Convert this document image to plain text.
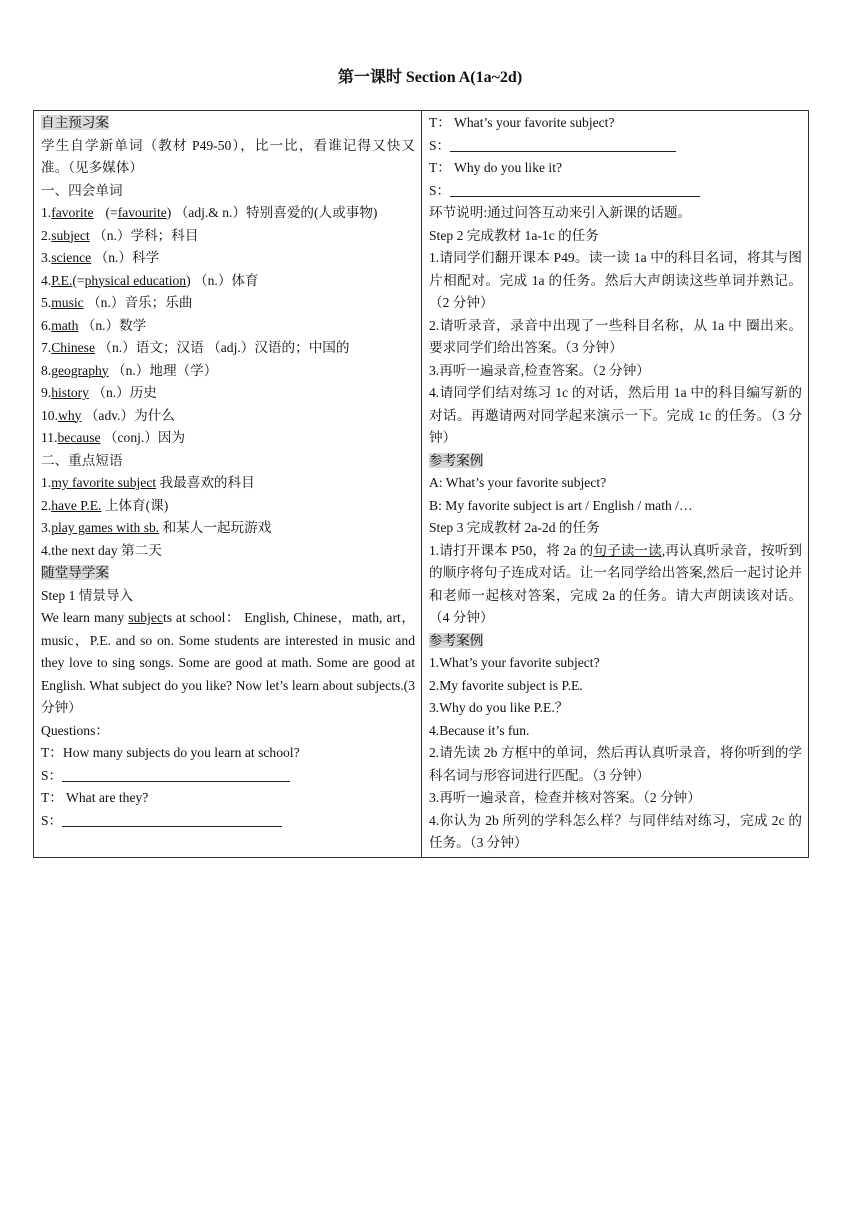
第一课时 Section A(1a~2d)
自主预习案
学生自学新单词（教材 P49-50），比一比，看谁记得又快又准。（见多媒体）
一、四会单词
1.favorite (=favourite) （adj.& n.）特别喜爱的(人或事物)
2.subject （n.）学科；科目
3.science （n.）科学
4.P.E.(=physical education) （n.）体育
5.music （n.）音乐；乐曲
6.math （n.）数学
7.Chinese （n.）语文；汉语 （adj.）汉语的；中国的
8.geography （n.）地理（学）
9.history （n.）历史
10.why （adv.）为什么
11.because （conj.）因为
二、重点短语
1.my favorite subject 我最喜欢的科目
2.have P.E. 上体育(课)
3.play games with sb. 和某人一起玩游戏
4.the next day 第二天
随堂导学案
Step 1 情景导入
We learn many subjects at school： English, Chinese，math, art，music，P.E. and so on. Some students are interested in music and they love to sing songs. Some are good at math. Some are good at English. What subject do you like? Now let’s learn about subjects.(3 分钟）
Questions：
T：How many subjects do you learn at school?
S：
T： What are they?
S：
T： What’s your favorite subject?
S：
T： Why do you like it?
S：
环节说明:通过问答互动来引入新课的话题。
Step 2 完成教材 1a-1c 的任务
1.请同学们翻开课本 P49。读一读 1a 中的科目名词，将其与图片相配对。完成 1a 的任务。然后大声朗读这些单词并熟记。（2 分钟）
2.请听录音，录音中出现了一些科目名称，从 1a 中 圈出来。要求同学们给出答案。（3 分钟）
3.再听一遍录音,检查答案。（2 分钟）
4.请同学们结对练习 1c 的对话，然后用 1a 中的科目编写新的对话。再邀请两对同学起来演示一下。完成 1c 的任务。（3 分钟）
参考案例
A: What’s your favorite subject?
B: My favorite subject is art / English / math /…
Step 3 完成教材 2a-2d 的任务
1.请打开课本 P50，将 2a 的句子读一读,再认真听录音，按听到的顺序将句子连成对话。让一名同学给出答案,然后一起讨论并和老师一起核对答案，完成 2a 的任务。请大声朗读该对话。（4 分钟）
参考案例
1.What’s your favorite subject?
2.My favorite subject is P.E.
3.Why do you like P.E.？
4.Because it’s fun.
2.请先读 2b 方框中的单词，然后再认真听录音，将你听到的学科名词与形容词进行匹配。（3 分钟）
3.再听一遍录音，检查并核对答案。（2 分钟）
4.你认为 2b 所列的学科怎么样？与同伴结对练习，完成 2c 的任务。（3 分钟）
